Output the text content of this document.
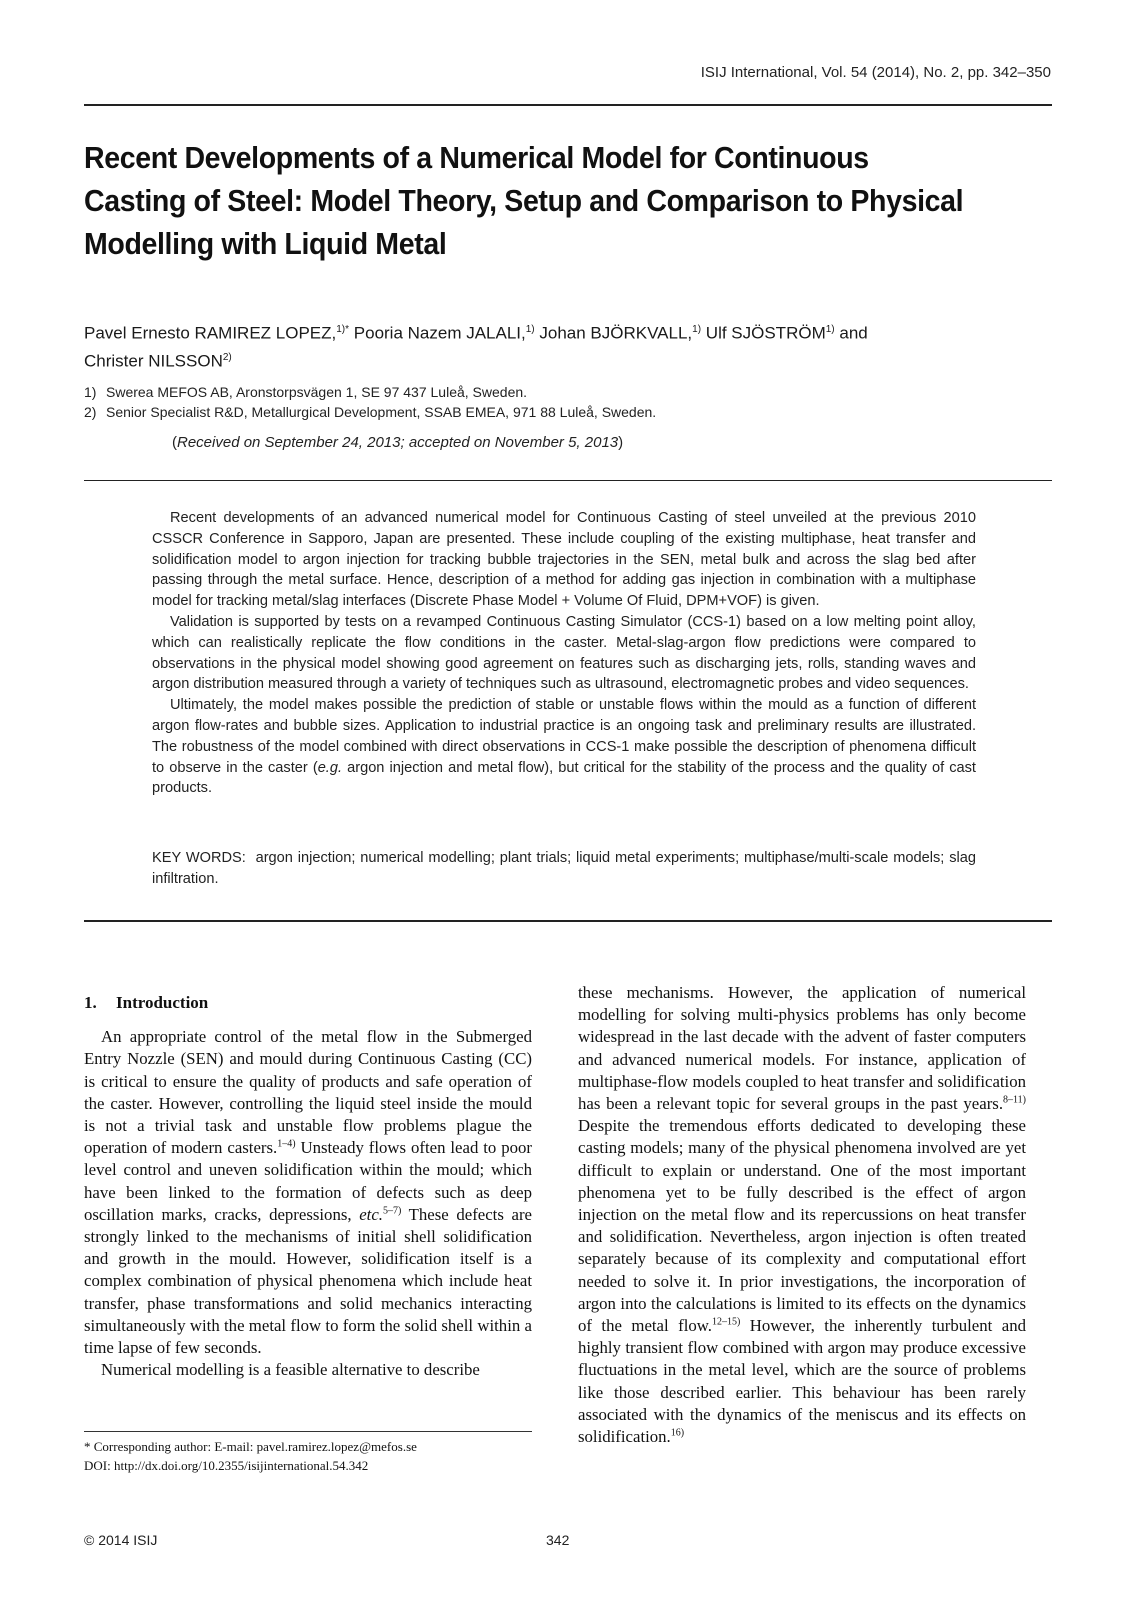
ISIJ International, Vol. 54 (2014), No. 2, pp. 342–350
Recent Developments of a Numerical Model for Continuous
Casting of Steel: Model Theory, Setup and Comparison to Physical
Modelling with Liquid Metal
Pavel Ernesto RAMIREZ LOPEZ,$^{1)*}$ Pooria Nazem JALALI,$^{1)}$ Johan BJÖRKVALL,$^{1)}$ Ulf SJÖSTRÖM$^{1)}$ and
Christer NILSSON$^{2)}$
1) Swerea MEFOS AB, Aronstorpsvägen 1, SE 97 437 Luleå, Sweden.
2) Senior Specialist R&D, Metallurgical Development, SSAB EMEA, 971 88 Luleå, Sweden.
(Received on September 24, 2013; accepted on November 5, 2013)

Recent developments of an advanced numerical model for Continuous Casting of steel unveiled at the previous 2010 CSSCR Conference in Sapporo, Japan are presented. These include coupling of the existing multiphase, heat transfer and solidification model to argon injection for tracking bubble trajectories in the SEN, metal bulk and across the slag bed after passing through the metal surface. Hence, description of a method for adding gas injection in combination with a multiphase model for tracking metal/slag interfaces (Discrete Phase Model + Volume Of Fluid, DPM+VOF) is given.

Validation is supported by tests on a revamped Continuous Casting Simulator (CCS-1) based on a low melting point alloy, which can realistically replicate the flow conditions in the caster. Metal-slag-argon flow predictions were compared to observations in the physical model showing good agreement on features such as discharging jets, rolls, standing waves and argon distribution measured through a variety of techniques such as ultrasound, electromagnetic probes and video sequences.

Ultimately, the model makes possible the prediction of stable or unstable flows within the mould as a function of different argon flow-rates and bubble sizes. Application to industrial practice is an ongoing task and preliminary results are illustrated. The robustness of the model combined with direct observations in CCS-1 make possible the description of phenomena difficult to observe in the caster (e.g. argon injection and metal flow), but critical for the stability of the process and the quality of cast products.

KEY WORDS: argon injection; numerical modelling; plant trials; liquid metal experiments; multiphase/multi-scale models; slag infiltration.
1. Introduction

An appropriate control of the metal flow in the Submerged Entry Nozzle (SEN) and mould during Continuous Casting (CC) is critical to ensure the quality of products and safe operation of the caster. However, controlling the liquid steel inside the mould is not a trivial task and unstable flow problems plague the operation of modern casters.$^{1-4)}$ Unsteady flows often lead to poor level control and uneven solidification within the mould; which have been linked to the formation of defects such as deep oscillation marks, cracks, depressions, etc.$^{5-7)}$ These defects are strongly linked to the mechanisms of initial shell solidification and growth in the mould. However, solidification itself is a complex combination of physical phenomena which include heat transfer, phase transformations and solid mechanics interacting simultaneously with the metal flow to form the solid shell within a time lapse of few seconds.

Numerical modelling is a feasible alternative to describe

these mechanisms. However, the application of numerical modelling for solving multi-physics problems has only become widespread in the last decade with the advent of faster computers and advanced numerical models. For instance, application of multiphase-flow models coupled to heat transfer and solidification has been a relevant topic for several groups in the past years.$^{8-11)}$ Despite the tremendous efforts dedicated to developing these casting models; many of the physical phenomena involved are yet difficult to explain or understand. One of the most important phenomena yet to be fully described is the effect of argon injection on the metal flow and its repercussions on heat transfer and solidification. Nevertheless, argon injection is often treated separately because of its complexity and computational effort needed to solve it. In prior investigations, the incorporation of argon into the calculations is limited to its effects on the dynamics of the metal flow.$^{12-15)}$ However, the inherently turbulent and highly transient flow combined with argon may produce excessive fluctuations in the metal level, which are the source of problems like those described earlier. This behaviour has been rarely associated with the dynamics of the meniscus and its effects on solidification.$^{16)}$

* Corresponding author: E-mail: pavel.ramirez.lopez@mefos.se
DOI: http://dx.doi.org/10.2355/isijinternational.54.342
© 2014 ISIJ	342
